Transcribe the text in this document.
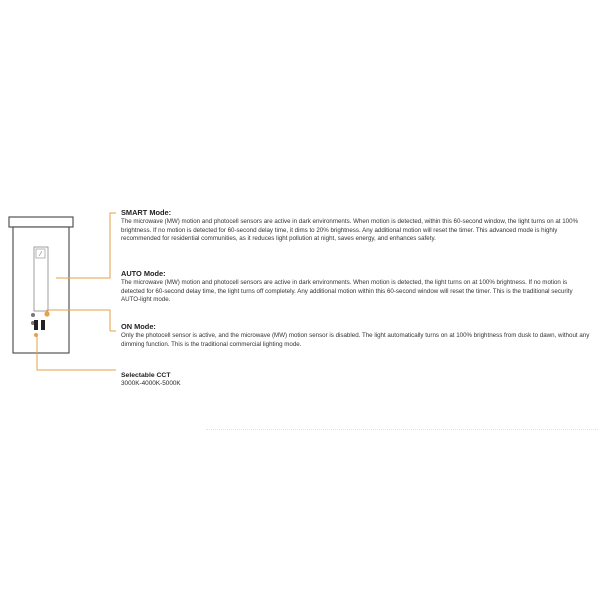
SMART Mode:
The microwave (MW) motion and photocell sensors are active in dark environments. When motion is detected, within this 60-second window, the light turns on at 100% brightness. If no motion is detected for 60-second delay time, it dims to 20% brightness. Any additional motion will reset the timer. This advanced mode is highly recommended for residential communities, as it reduces light pollution at night, saves energy, and enhances safety.
AUTO Mode:
The microwave (MW) motion and photocell sensors are active in dark environments. When motion is detected, the light turns on at 100% brightness. If no motion is detected for 60-second delay time, the light turns off completely. Any additional motion within this 60-second window will reset the timer. This is the traditional security AUTO-light mode.
ON Mode:
Only the photocell sensor is active, and the microwave (MW) motion sensor is disabled. The light automatically turns on at 100% brightness from dusk to dawn, without any dimming function. This is the traditional commercial lighting mode.
Selectable CCT
3000K-4000K-5000K
